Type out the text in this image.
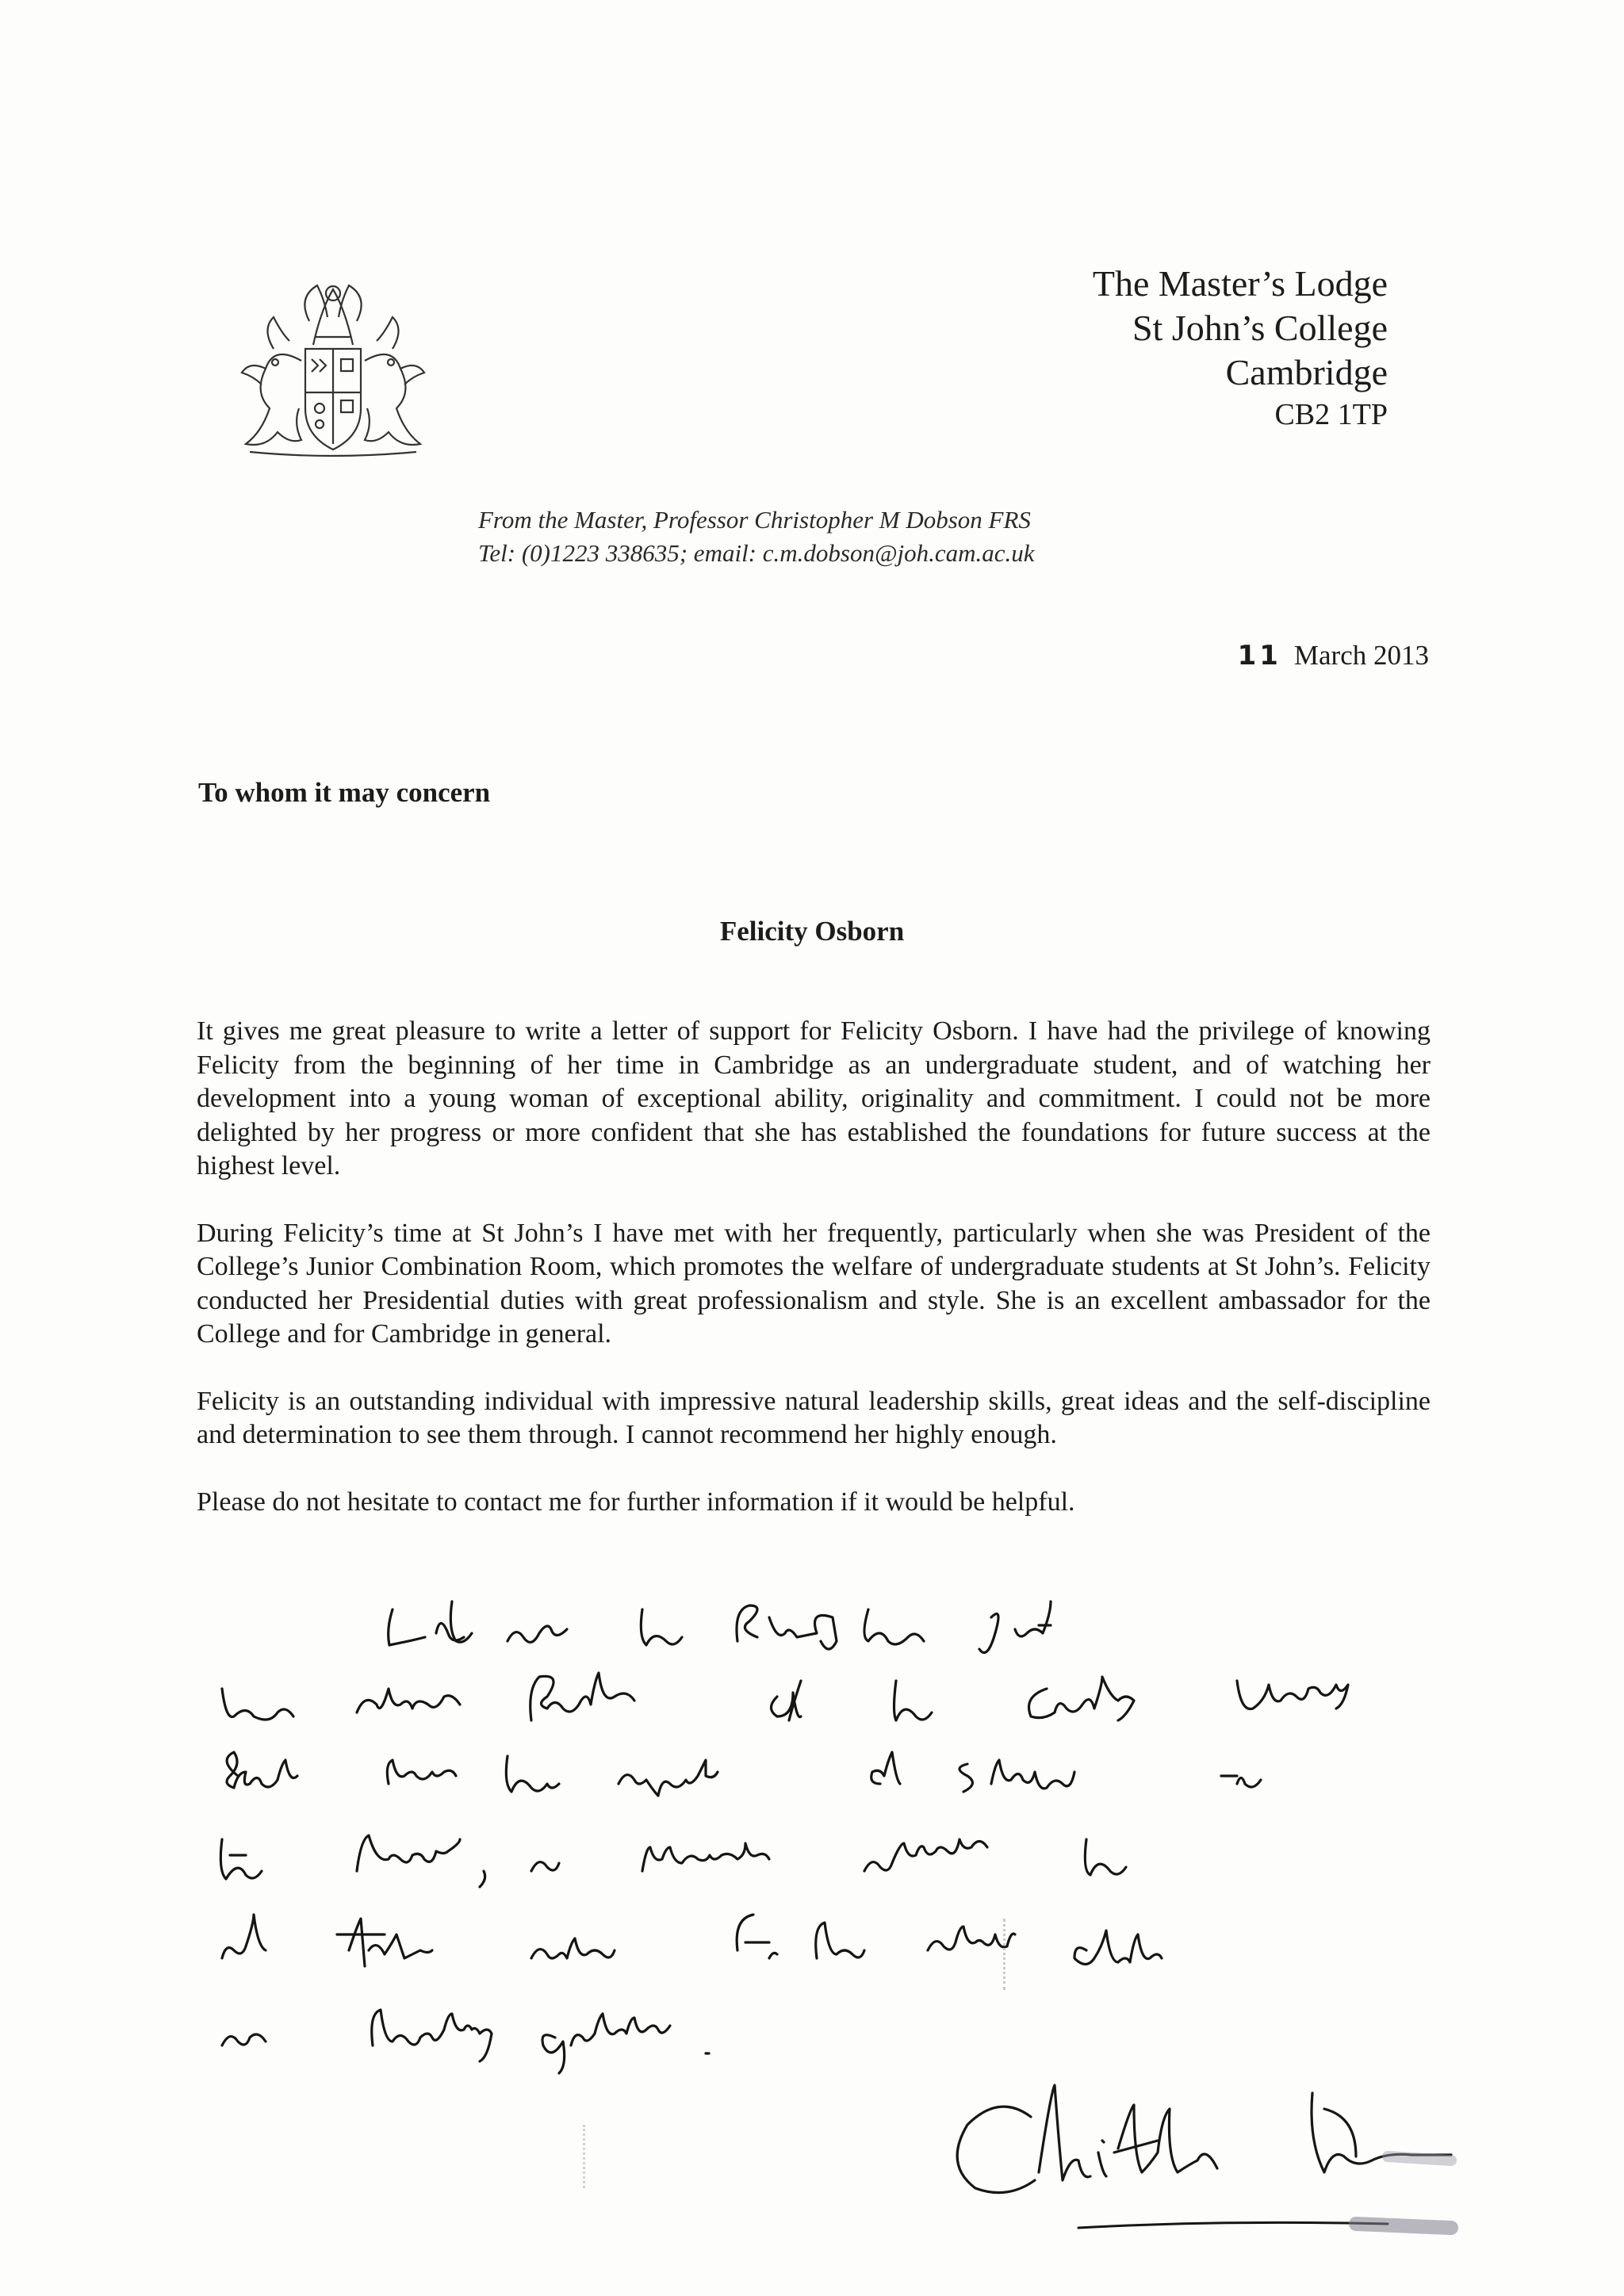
The Master’s Lodge
St John’s College
Cambridge
CB2 1TP
From the Master, Professor Christopher M Dobson FRS
Tel: (0)1223 338635; email: c.m.dobson@joh.cam.ac.uk
11 March 2013
To whom it may concern
Felicity Osborn

It gives me great pleasure to write a letter of support for Felicity Osborn. I have had the privilege of knowing Felicity from the beginning of her time in Cambridge as an undergraduate student, and of watching her development into a young woman of exceptional ability, originality and commitment. I could not be more delighted by her progress or more confident that she has established the foundations for future success at the highest level.

During Felicity’s time at St John’s I have met with her frequently, particularly when she was President of the College’s Junior Combination Room, which promotes the welfare of undergraduate students at St John’s. Felicity conducted her Presidential duties with great professionalism and style. She is an excellent ambassador for the College and for Cambridge in general.

Felicity is an outstanding individual with impressive natural leadership skills, great ideas and the self-discipline and determination to see them through. I cannot recommend her highly enough.

Please do not hesitate to contact me for further information if it would be helpful.
